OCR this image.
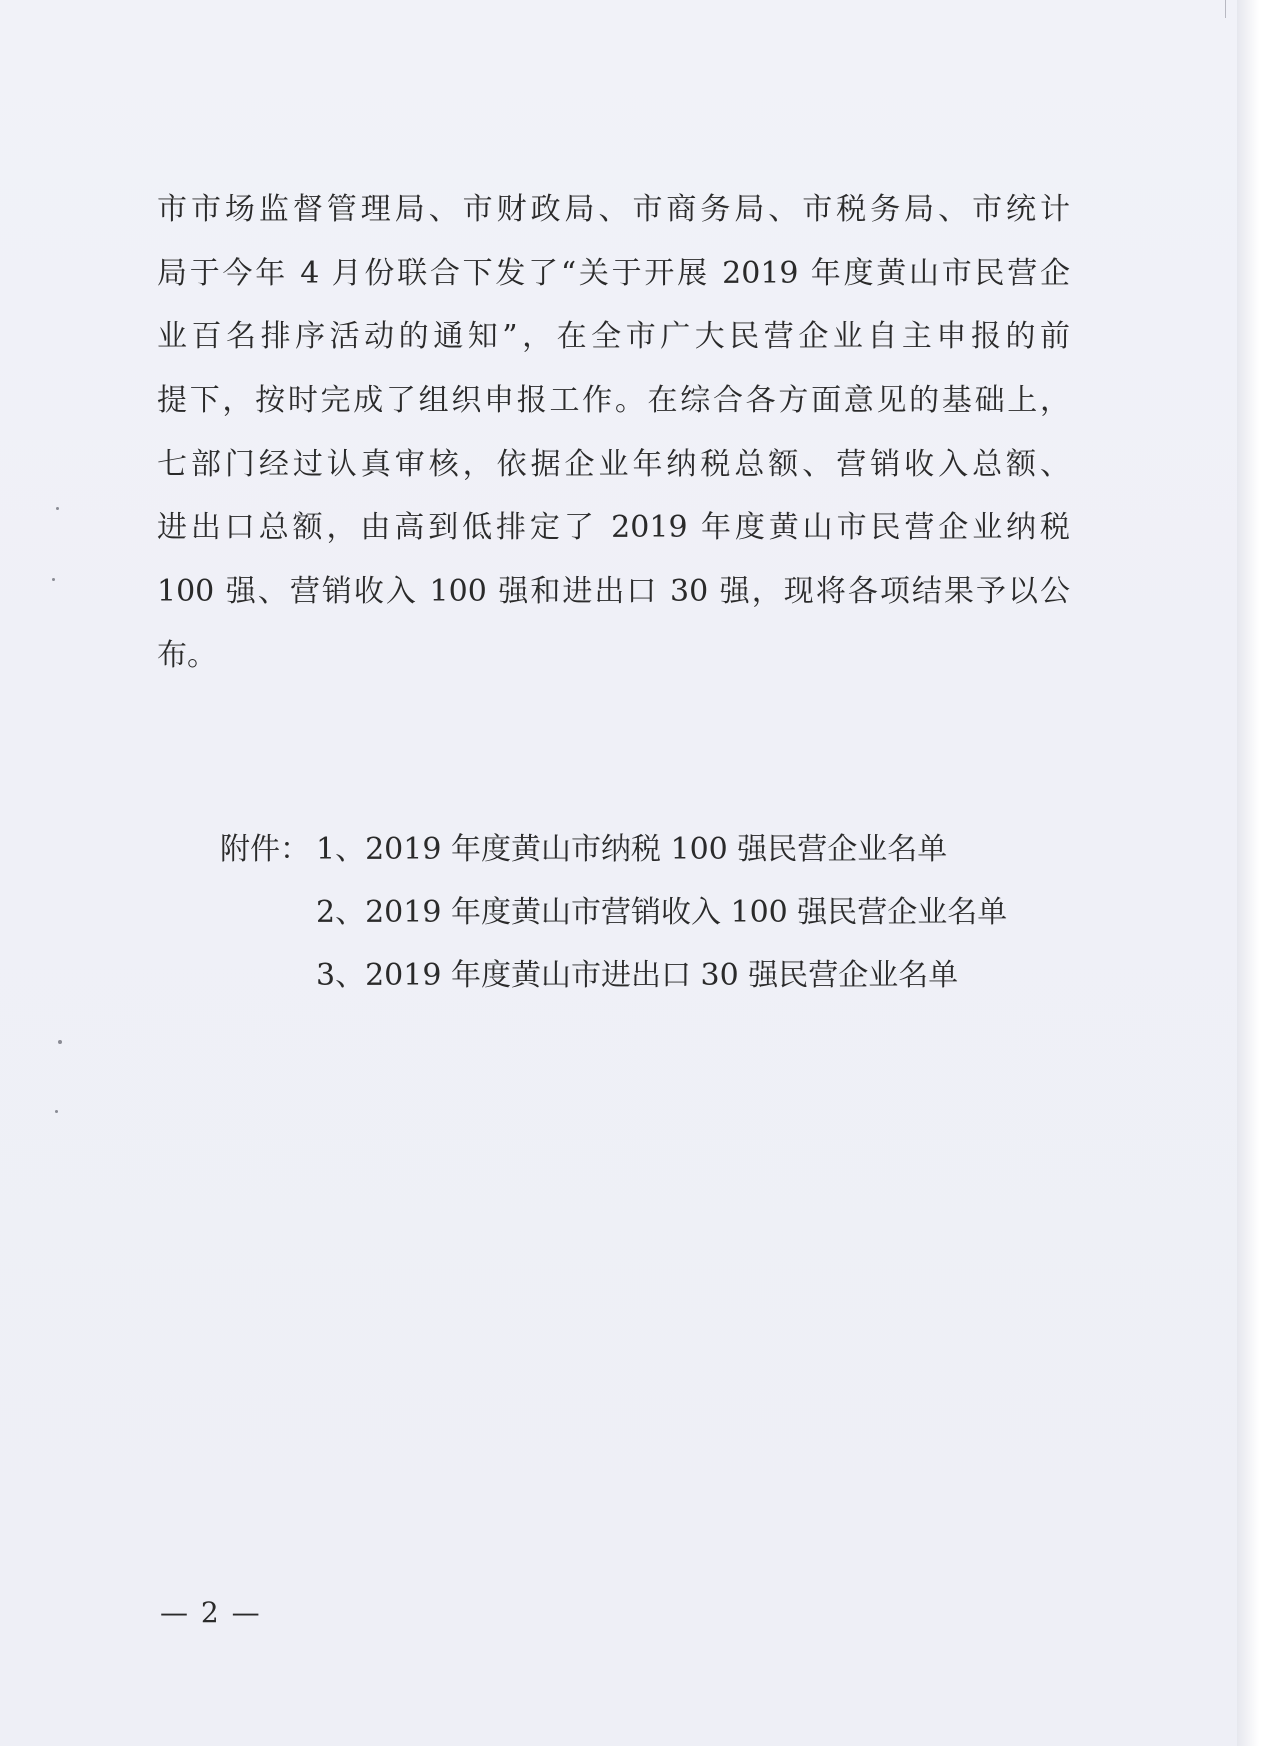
市市场监督管理局、市财政局、市商务局、市税务局、市统计
局于今年 4 月份联合下发了“关于开展 2019 年度黄山市民营企
业百名排序活动的通知”，在全市广大民营企业自主申报的前
提下，按时完成了组织申报工作。在综合各方面意见的基础上，
七部门经过认真审核，依据企业年纳税总额、营销收入总额、
进出口总额，由高到低排定了 2019 年度黄山市民营企业纳税
100 强、营销收入 100 强和进出口 30 强，现将各项结果予以公
布。
附件： 1、2019 年度黄山市纳税 100 强民营企业名单
2、2019 年度黄山市营销收入 100 强民营企业名单
3、2019 年度黄山市进出口 30 强民营企业名单
— 2 —
